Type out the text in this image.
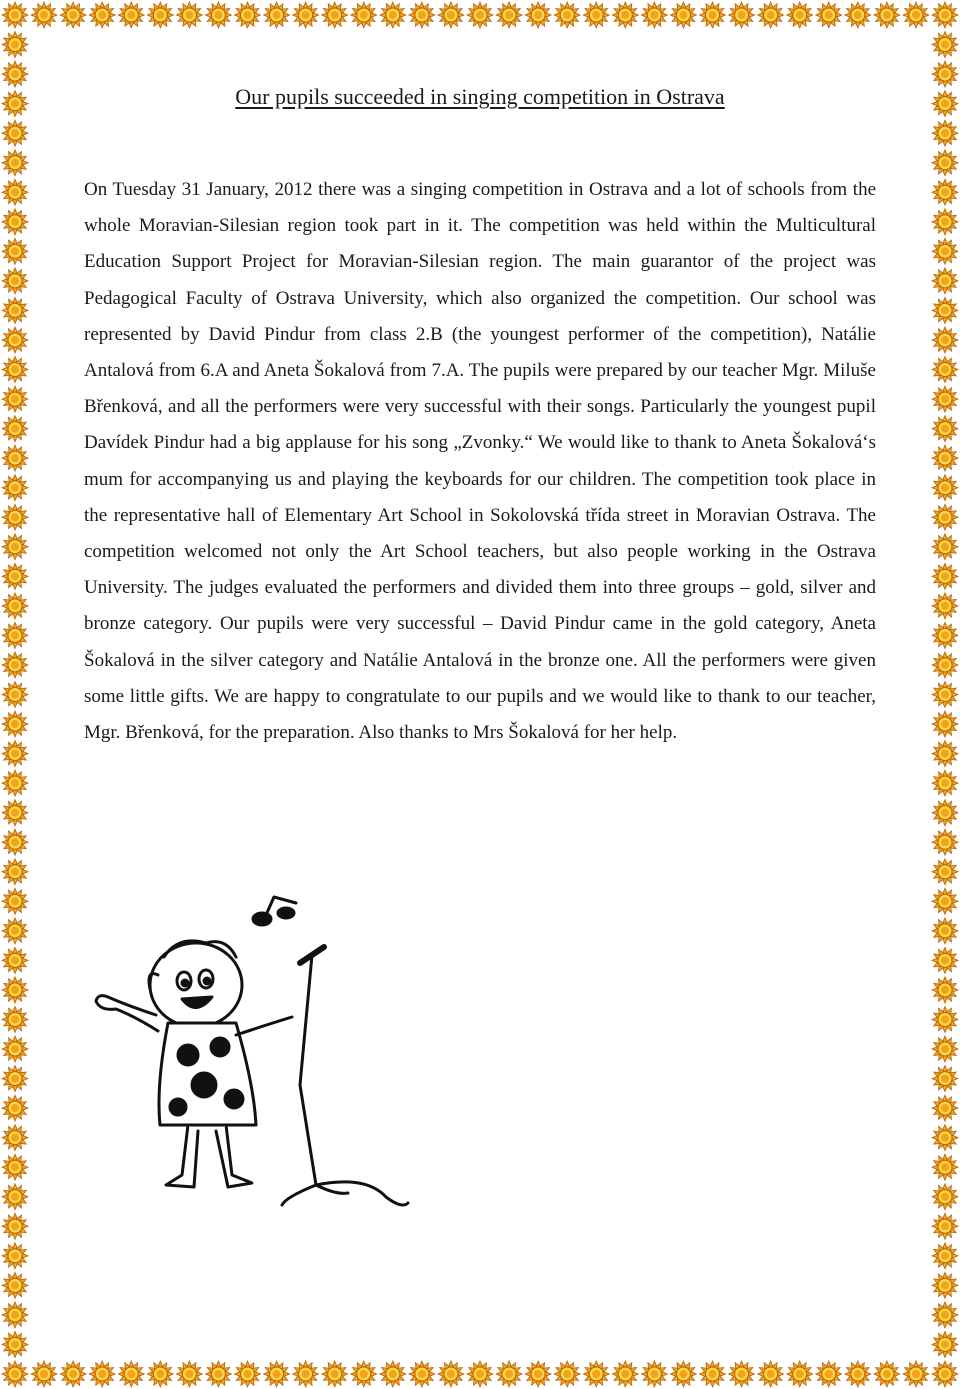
Our pupils succeeded in singing competition in Ostrava

On Tuesday 31 January, 2012 there was a singing competition in Ostrava and a lot of schools from the whole Moravian-Silesian region took part in it. The competition was held within the Multicultural Education Support Project for Moravian-Silesian region. The main guarantor of the project was Pedagogical Faculty of Ostrava University, which also organized the competition. Our school was represented by David Pindur from class 2.B (the youngest performer of the competition), Natálie Antalová from 6.A and Aneta Šokalová from 7.A. The pupils were prepared by our teacher Mgr. Miluše Břenková, and all the performers were very successful with their songs. Particularly the youngest pupil Davídek Pindur had a big applause for his song „Zvonky.“ We would like to thank to Aneta Šokalová‘s mum for accompanying us and playing the keyboards for our children. The competition took place in the representative hall of Elementary Art School in Sokolovská třída street in Moravian Ostrava. The competition welcomed not only the Art School teachers, but also people working in the Ostrava University. The judges evaluated the performers and divided them into three groups – gold, silver and bronze category. Our pupils were very successful – David Pindur came in the gold category, Aneta Šokalová in the silver category and Natálie Antalová in the bronze one. All the performers were given some little gifts. We are happy to congratulate to our pupils and we would like to thank to our teacher, Mgr. Břenková, for the preparation. Also thanks to Mrs Šokalová for her help.
